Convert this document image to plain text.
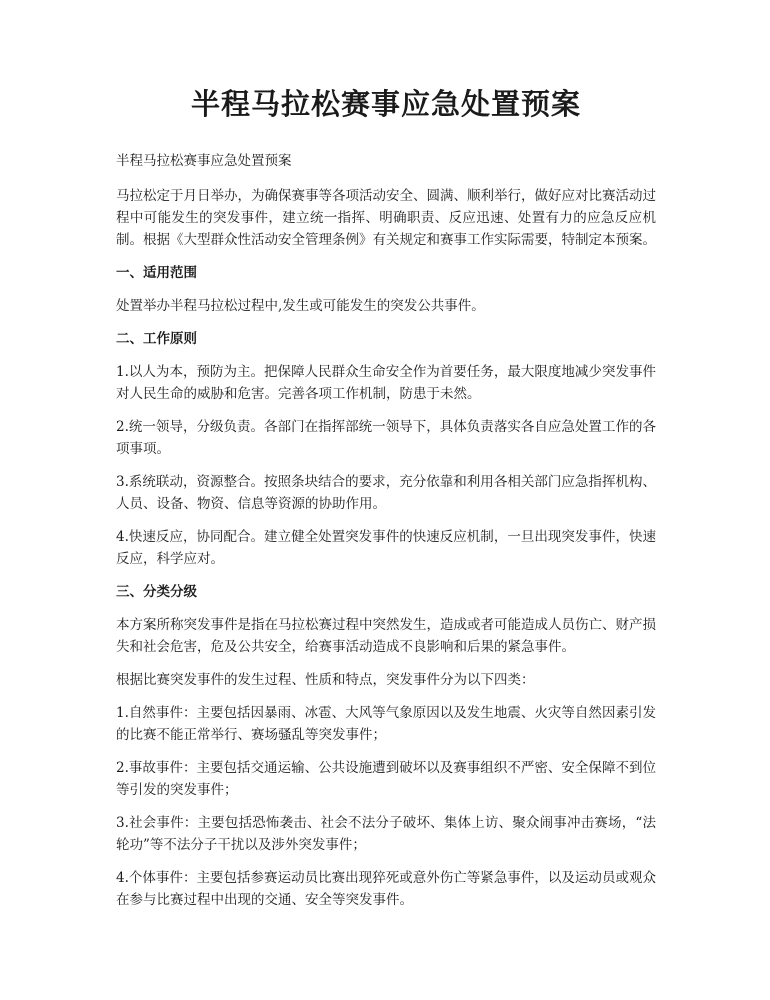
半程马拉松赛事应急处置预案

半程马拉松赛事应急处置预案

马拉松定于月日举办，为确保赛事等各项活动安全、圆满、顺利举行，做好应对比赛活动过程中可能发生的突发事件，建立统一指挥、明确职责、反应迅速、处置有力的应急反应机制。根据《大型群众性活动安全管理条例》有关规定和赛事工作实际需要，特制定本预案。

一、适用范围

处置举办半程马拉松过程中,发生或可能发生的突发公共事件。

二、工作原则

1.以人为本，预防为主。把保障人民群众生命安全作为首要任务，最大限度地减少突发事件对人民生命的威胁和危害。完善各项工作机制，防患于未然。

2.统一领导，分级负责。各部门在指挥部统一领导下，具体负责落实各自应急处置工作的各项事项。

3.系统联动，资源整合。按照条块结合的要求，充分依靠和利用各相关部门应急指挥机构、人员、设备、物资、信息等资源的协助作用。

4.快速反应，协同配合。建立健全处置突发事件的快速反应机制，一旦出现突发事件，快速反应，科学应对。

三、分类分级

本方案所称突发事件是指在马拉松赛过程中突然发生，造成或者可能造成人员伤亡、财产损失和社会危害，危及公共安全，给赛事活动造成不良影响和后果的紧急事件。

根据比赛突发事件的发生过程、性质和特点，突发事件分为以下四类：

1.自然事件：主要包括因暴雨、冰雹、大风等气象原因以及发生地震、火灾等自然因素引发的比赛不能正常举行、赛场骚乱等突发事件；

2.事故事件：主要包括交通运输、公共设施遭到破坏以及赛事组织不严密、安全保障不到位等引发的突发事件；

3.社会事件：主要包括恐怖袭击、社会不法分子破坏、集体上访、聚众闹事冲击赛场，“法轮功”等不法分子干扰以及涉外突发事件；

4.个体事件：主要包括参赛运动员比赛出现猝死或意外伤亡等紧急事件，以及运动员或观众在参与比赛过程中出现的交通、安全等突发事件。
